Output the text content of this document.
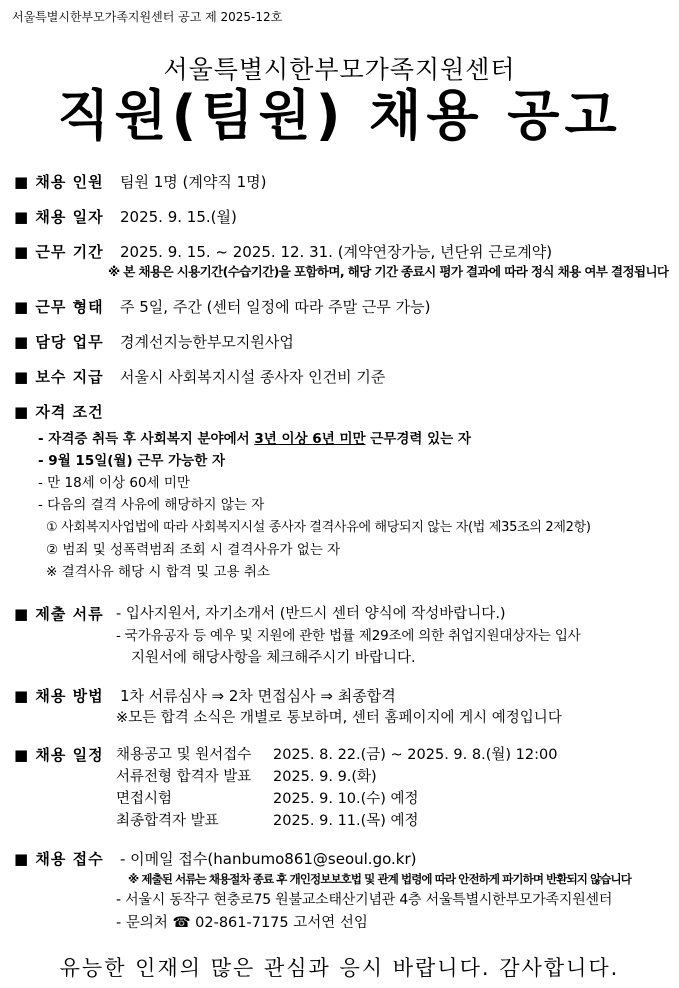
서울특별시한부모가족지원센터 공고 제 2025-12호
서울특별시한부모가족지원센터
직원(팀원) 채용 공고
■ 채용 인원 팀원 1명 (계약직 1명)
■ 채용 일자 2025. 9. 15.(월)
■ 근무 기간 2025. 9. 15. ~ 2025. 12. 31. (계약연장가능, 년단위 근로계약)
※ 본 채용은 시용기간(수습기간)을 포함하며, 해당 기간 종료시 평가 결과에 따라 정식 채용 여부 결정됩니다
■ 근무 형태 주 5일, 주간 (센터 일정에 따라 주말 근무 가능)
■ 담당 업무 경계선지능한부모지원사업
■ 보수 지급 서울시 사회복지시설 종사자 인건비 기준
■ 자격 조건
- 자격증 취득 후 사회복지 분야에서 3년 이상 6년 미만 근무경력 있는 자
- 9월 15일(월) 근무 가능한 자
- 만 18세 이상 60세 미만
- 다음의 결격 사유에 해당하지 않는 자
① 사회복지사업법에 따라 사회복지시설 종사자 결격사유에 해당되지 않는 자(법 제35조의 2제2항)
② 범죄 및 성폭력범죄 조회 시 결격사유가 없는 자
※ 결격사유 해당 시 합격 및 고용 취소
■ 제출 서류 - 입사지원서, 자기소개서 (반드시 센터 양식에 작성바랍니다.)
- 국가유공자 등 예우 및 지원에 관한 법률 제29조에 의한 취업지원대상자는 입사
지원서에 해당사항을 체크해주시기 바랍니다.
■ 채용 방법 1차 서류심사 ⇒ 2차 면접심사 ⇒ 최종합격
※모든 합격 소식은 개별로 통보하며, 센터 홈페이지에 게시 예정입니다
■ 채용 일정 채용공고 및 원서접수 2025. 8. 22.(금) ~ 2025. 9. 8.(월) 12:00
서류전형 합격자 발표 2025. 9. 9.(화)
면접시험	2025. 9. 10.(수) 예정
최종합격자 발표	2025. 9. 11.(목) 예정
■ 채용 접수 - 이메일 접수(hanbumo861@seoul.go.kr)
※ 제출된 서류는 채용절차 종료 후 개인정보보호법 및 관계 법령에 따라 안전하게 파기하며 반환되지 않습니다
- 서울시 동작구 현충로75 원불교소태산기념관 4층 서울특별시한부모가족지원센터
- 문의처 ☎ 02-861-7175 고서연 선임
유능한 인재의 많은 관심과 응시 바랍니다. 감사합니다.
